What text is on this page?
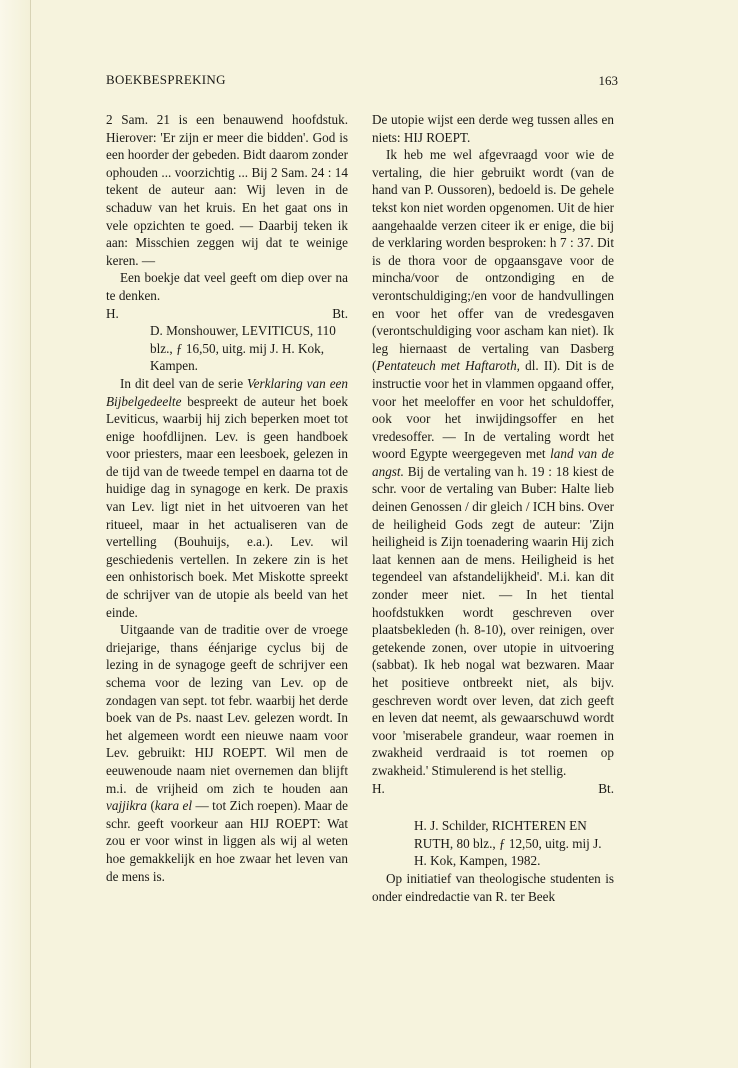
BOEKBESPREKING	163

2 Sam. 21 is een benauwend hoofdstuk. Hierover: 'Er zijn er meer die bidden'. God is een hoorder der gebeden. Bidt daarom zonder ophouden ... voorzichtig ... Bij 2 Sam. 24 : 14 tekent de auteur aan: Wij leven in de schaduw van het kruis. En het gaat ons in vele opzichten te goed. — Daarbij teken ik aan: Misschien zeggen wij dat te weinige keren. —

Een boekje dat veel geeft om diep over na te denken.

H.	Bt.

D. Monshouwer, LEVITICUS, 110 blz., ƒ 16,50, uitg. mij J. H. Kok, Kampen.

In dit deel van de serie Verklaring van een Bijbelgedeelte bespreekt de auteur het boek Leviticus, waarbij hij zich beperken moet tot enige hoofdlijnen. Lev. is geen handboek voor priesters, maar een leesboek, gelezen in de tijd van de tweede tempel en daarna tot de huidige dag in synagoge en kerk. De praxis van Lev. ligt niet in het uitvoeren van het ritueel, maar in het actualiseren van de vertelling (Bouhuijs, e.a.). Lev. wil geschiedenis vertellen. In zekere zin is het een onhistorisch boek. Met Miskotte spreekt de schrijver van de utopie als beeld van het einde.

Uitgaande van de traditie over de vroege driejarige, thans éénjarige cyclus bij de lezing in de synagoge geeft de schrijver een schema voor de lezing van Lev. op de zondagen van sept. tot febr. waarbij het derde boek van de Ps. naast Lev. gelezen wordt. In het algemeen wordt een nieuwe naam voor Lev. gebruikt: HIJ ROEPT. Wil men de eeuwenoude naam niet overnemen dan blijft m.i. de vrijheid om zich te houden aan vajjikra (kara el — tot Zich roepen). Maar de schr. geeft voorkeur aan HIJ ROEPT: Wat zou er voor winst in liggen als wij al weten hoe gemakkelijk en hoe zwaar het leven van de mens is.

De utopie wijst een derde weg tussen alles en niets: HIJ ROEPT.

Ik heb me wel afgevraagd voor wie de vertaling, die hier gebruikt wordt (van de hand van P. Oussoren), bedoeld is. De gehele tekst kon niet worden opgenomen. Uit de hier aangehaalde verzen citeer ik er enige, die bij de verklaring worden besproken: h 7 : 37. Dit is de thora voor de opgaansgave voor de mincha/voor de ontzondiging en de verontschuldiging;/en voor de handvullingen en voor het offer van de vredesgaven (verontschuldiging voor ascham kan niet). Ik leg hiernaast de vertaling van Dasberg (Pentateuch met Haftaroth, dl. II). Dit is de instructie voor het in vlammen opgaand offer, voor het meeloffer en voor het schuldoffer, ook voor het inwijdingsoffer en het vredesoffer. — In de vertaling wordt het woord Egypte weergegeven met land van de angst. Bij de vertaling van h. 19 : 18 kiest de schr. voor de vertaling van Buber: Halte lieb deinen Genossen / dir gleich / ICH bins. Over de heiligheid Gods zegt de auteur: 'Zijn heiligheid is Zijn toenadering waarin Hij zich laat kennen aan de mens. Heiligheid is het tegendeel van afstandelijkheid'. M.i. kan dit zonder meer niet. — In het tiental hoofdstukken wordt geschreven over plaatsbekleden (h. 8-10), over reinigen, over getekende zonen, over utopie in uitvoering (sabbat). Ik heb nogal wat bezwaren. Maar het positieve ontbreekt niet, als bijv. geschreven wordt over leven, dat zich geeft en leven dat neemt, als gewaarschuwd wordt voor 'miserabele grandeur, waar roemen in zwakheid verdraaid is tot roemen op zwakheid.' Stimulerend is het stellig.

H.	Bt.

H. J. Schilder, RICHTEREN EN RUTH, 80 blz., ƒ 12,50, uitg. mij J. H. Kok, Kampen, 1982.

Op initiatief van theologische studenten is onder eindredactie van R. ter Beek
